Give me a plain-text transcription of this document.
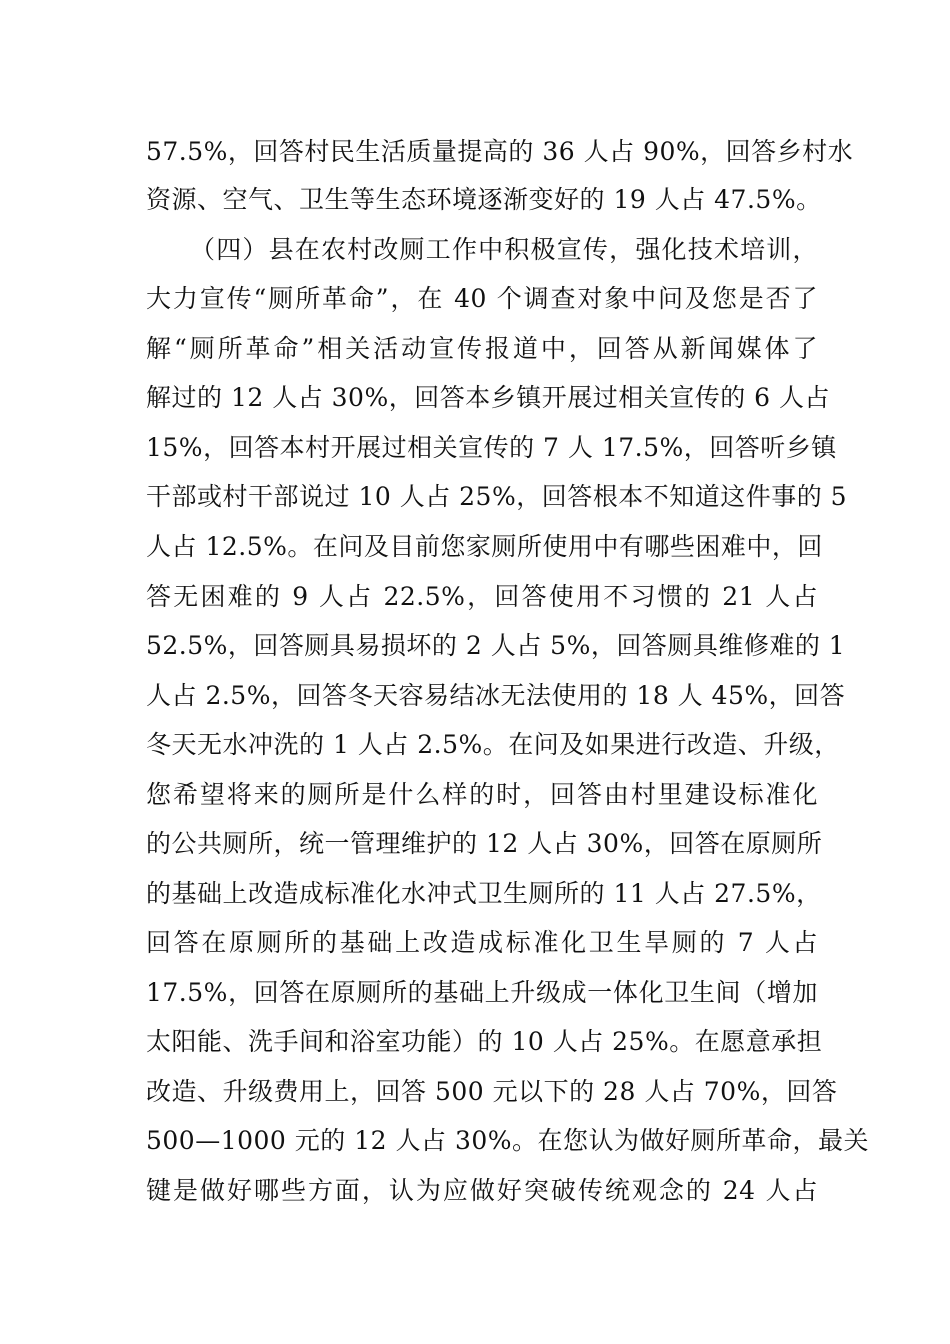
57.5%，回答村民生活质量提高的 36 人占 90%，回答乡村水
资源、空气、卫生等生态环境逐渐变好的 19 人占 47.5%。
（四）县在农村改厕工作中积极宣传，强化技术培训，
大力宣传“厕所革命”，在 40 个调查对象中问及您是否了
解“厕所革命”相关活动宣传报道中，回答从新闻媒体了
解过的 12 人占 30%，回答本乡镇开展过相关宣传的 6 人占
15%，回答本村开展过相关宣传的 7 人 17.5%，回答听乡镇
干部或村干部说过 10 人占 25%，回答根本不知道这件事的 5
人占 12.5%。在问及目前您家厕所使用中有哪些困难中，回
答无困难的 9 人占 22.5%，回答使用不习惯的 21 人占
52.5%，回答厕具易损坏的 2 人占 5%，回答厕具维修难的 1
人占 2.5%，回答冬天容易结冰无法使用的 18 人 45%，回答
冬天无水冲洗的 1 人占 2.5%。在问及如果进行改造、升级，
您希望将来的厕所是什么样的时，回答由村里建设标准化
的公共厕所，统一管理维护的 12 人占 30%，回答在原厕所
的基础上改造成标准化水冲式卫生厕所的 11 人占 27.5%，
回答在原厕所的基础上改造成标准化卫生旱厕的 7 人占
17.5%，回答在原厕所的基础上升级成一体化卫生间（增加
太阳能、洗手间和浴室功能）的 10 人占 25%。在愿意承担
改造、升级费用上，回答 500 元以下的 28 人占 70%，回答
500—1000 元的 12 人占 30%。在您认为做好厕所革命，最关
键是做好哪些方面，认为应做好突破传统观念的 24 人占
